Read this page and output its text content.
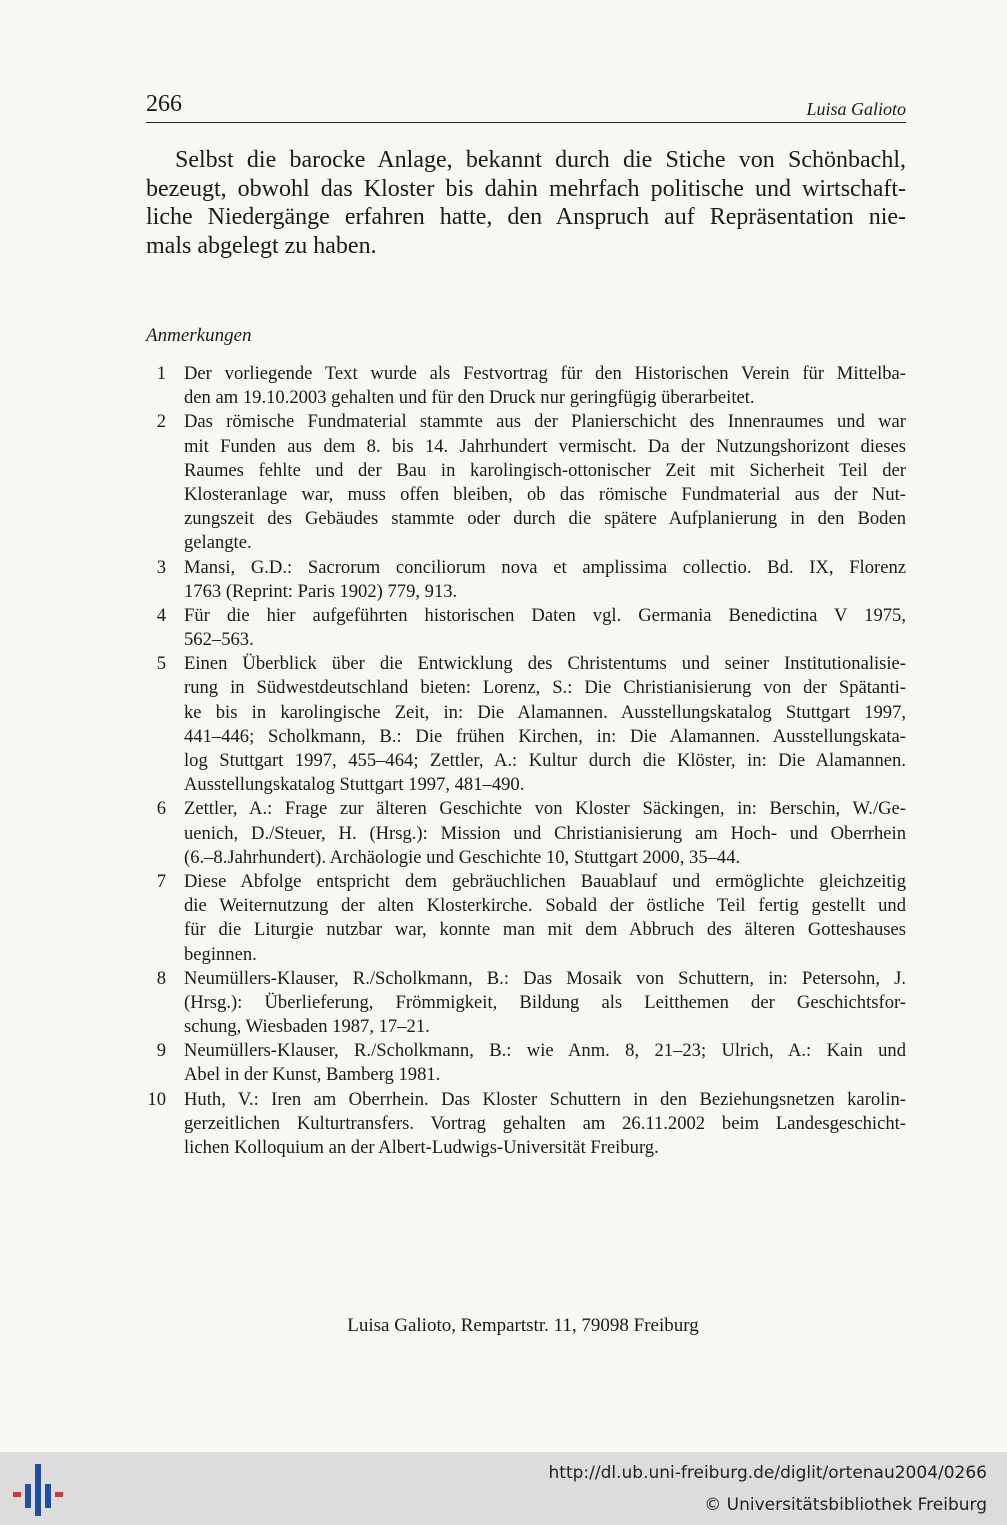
266	Luisa Galioto
Selbst die barocke Anlage, bekannt durch die Stiche von Schönbachl,
bezeugt, obwohl das Kloster bis dahin mehrfach politische und wirtschaft-
liche Niedergänge erfahren hatte, den Anspruch auf Repräsentation nie-
mals abgelegt zu haben.
Anmerkungen
1 Der vorliegende Text wurde als Festvortrag für den Historischen Verein für Mittelba-
den am 19.10.2003 gehalten und für den Druck nur geringfügig überarbeitet.
2 Das römische Fundmaterial stammte aus der Planierschicht des Innenraumes und war
mit Funden aus dem 8. bis 14. Jahrhundert vermischt. Da der Nutzungshorizont dieses
Raumes fehlte und der Bau in karolingisch-ottonischer Zeit mit Sicherheit Teil der
Klosteranlage war, muss offen bleiben, ob das römische Fundmaterial aus der Nut-
zungszeit des Gebäudes stammte oder durch die spätere Aufplanierung in den Boden
gelangte.
3 Mansi, G.D.: Sacrorum conciliorum nova et amplissima collectio. Bd. IX, Florenz
1763 (Reprint: Paris 1902) 779, 913.
4 Für die hier aufgeführten historischen Daten vgl. Germania Benedictina V 1975,
562–563.
5 Einen Überblick über die Entwicklung des Christentums und seiner Institutionalisie-
rung in Südwestdeutschland bieten: Lorenz, S.: Die Christianisierung von der Spätanti-
ke bis in karolingische Zeit, in: Die Alamannen. Ausstellungskatalog Stuttgart 1997,
441–446; Scholkmann, B.: Die frühen Kirchen, in: Die Alamannen. Ausstellungskata-
log Stuttgart 1997, 455–464; Zettler, A.: Kultur durch die Klöster, in: Die Alamannen.
Ausstellungskatalog Stuttgart 1997, 481–490.
6 Zettler, A.: Frage zur älteren Geschichte von Kloster Säckingen, in: Berschin, W./Ge-
uenich, D./Steuer, H. (Hrsg.): Mission und Christianisierung am Hoch- und Oberrhein
(6.–8.Jahrhundert). Archäologie und Geschichte 10, Stuttgart 2000, 35–44.
7 Diese Abfolge entspricht dem gebräuchlichen Bauablauf und ermöglichte gleichzeitig
die Weiternutzung der alten Klosterkirche. Sobald der östliche Teil fertig gestellt und
für die Liturgie nutzbar war, konnte man mit dem Abbruch des älteren Gotteshauses
beginnen.
8 Neumüllers-Klauser, R./Scholkmann, B.: Das Mosaik von Schuttern, in: Petersohn, J.
(Hrsg.): Überlieferung, Frömmigkeit, Bildung als Leitthemen der Geschichtsfor-
schung, Wiesbaden 1987, 17–21.
9 Neumüllers-Klauser, R./Scholkmann, B.: wie Anm. 8, 21–23; Ulrich, A.: Kain und
Abel in der Kunst, Bamberg 1981.
10 Huth, V.: Iren am Oberrhein. Das Kloster Schuttern in den Beziehungsnetzen karolin-
gerzeitlichen Kulturtransfers. Vortrag gehalten am 26.11.2002 beim Landesgeschicht-
lichen Kolloquium an der Albert-Ludwigs-Universität Freiburg.
Luisa Galioto, Rempartstr. 11, 79098 Freiburg
http://dl.ub.uni-freiburg.de/diglit/ortenau2004/0266
© Universitätsbibliothek Freiburg
